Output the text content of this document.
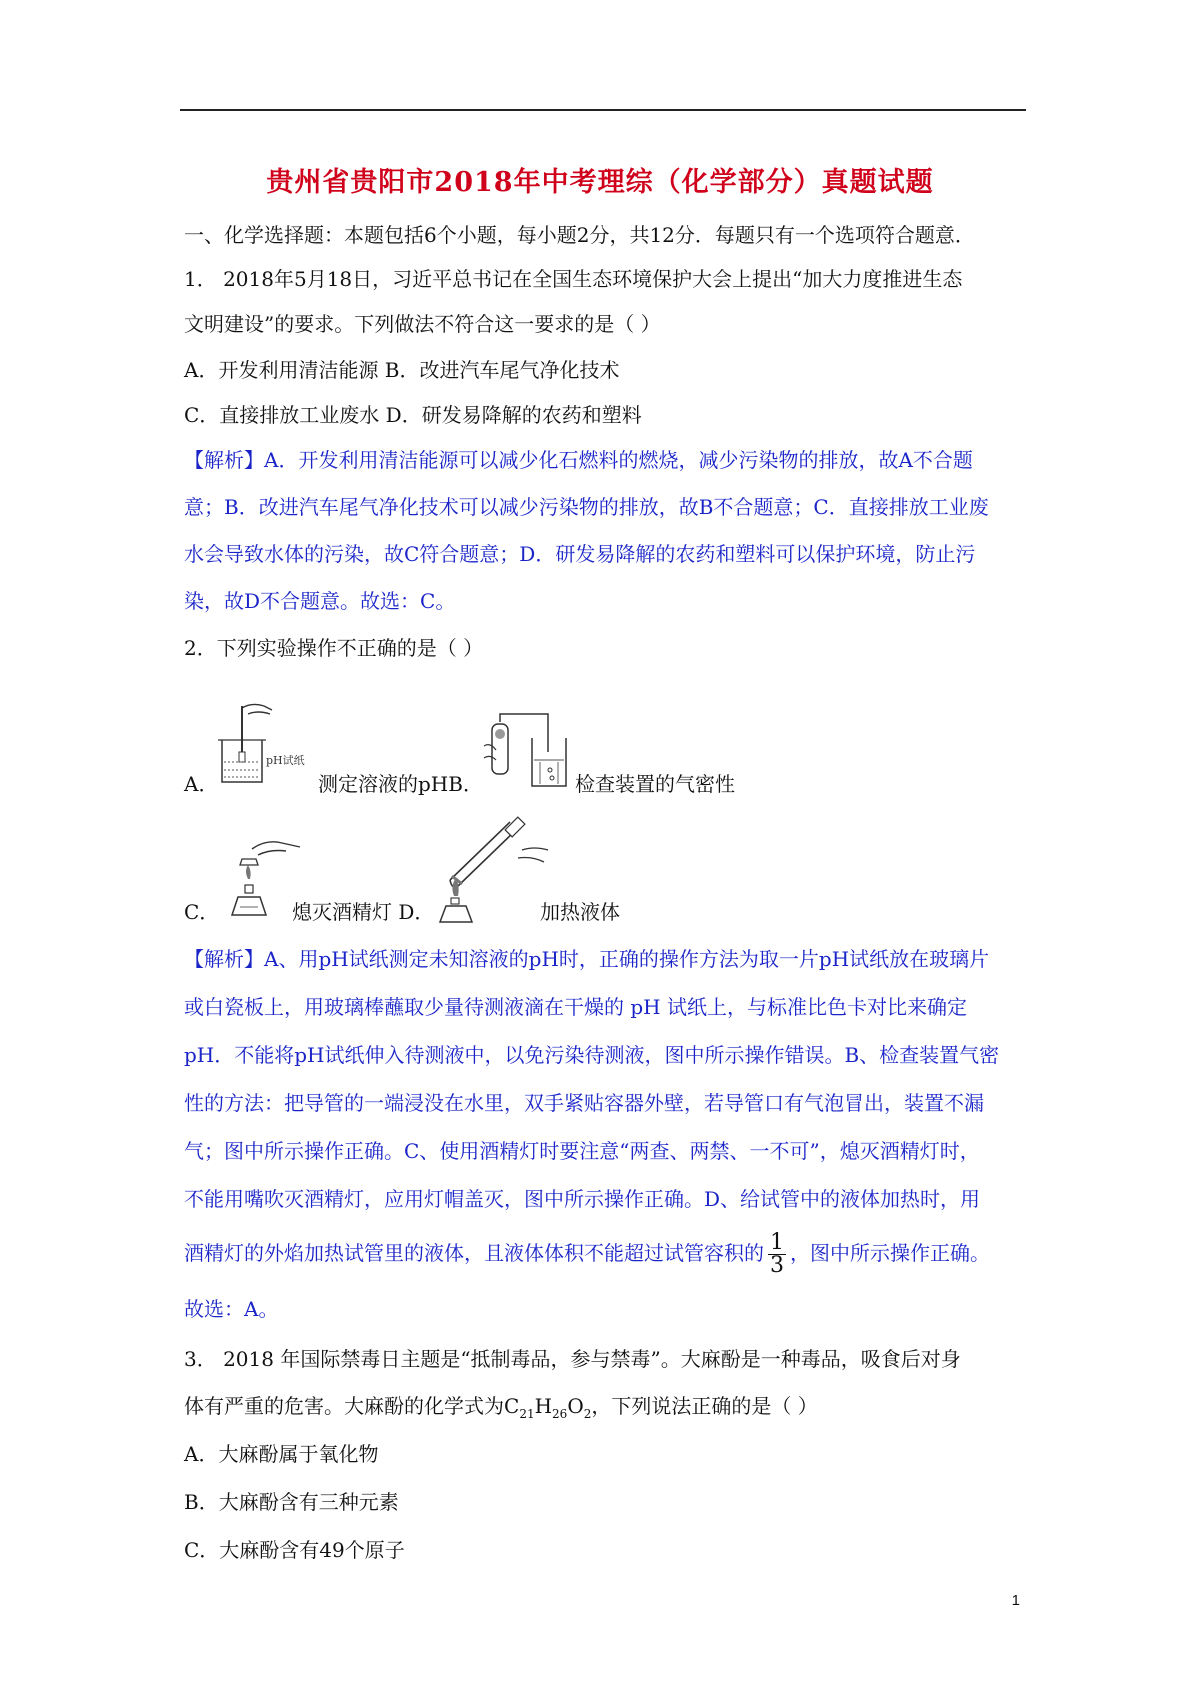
贵州省贵阳市2018年中考理综（化学部分）真题试题
一、化学选择题：本题包括6个小题，每小题2分，共12分．每题只有一个选项符合题意．
1． 2018年5月18日，习近平总书记在全国生态环境保护大会上提出“加大力度推进生态
文明建设”的要求。下列做法不符合这一要求的是（ ）
A．开发利用清洁能源 B．改进汽车尾气净化技术
C．直接排放工业废水 D．研发易降解的农药和塑料
【解析】A．开发利用清洁能源可以减少化石燃料的燃烧，减少污染物的排放，故A不合题
意；B．改进汽车尾气净化技术可以减少污染物的排放，故B不合题意；C．直接排放工业废
水会导致水体的污染，故C符合题意；D．研发易降解的农药和塑料可以保护环境，防止污
染，故D不合题意。故选：C。
2．下列实验操作不正确的是（ ）
A．
pH试纸
测定溶液的pHB．	检查装置的气密性
C．	熄灭酒精灯 D．	加热液体
【解析】A、用pH试纸测定未知溶液的pH时，正确的操作方法为取一片pH试纸放在玻璃片
或白瓷板上，用玻璃棒蘸取少量待测液滴在干燥的 pH 试纸上，与标准比色卡对比来确定
pH．不能将pH试纸伸入待测液中，以免污染待测液，图中所示操作错误。B、检查装置气密
性的方法：把导管的一端浸没在水里，双手紧贴容器外壁，若导管口有气泡冒出，装置不漏
气；图中所示操作正确。C、使用酒精灯时要注意“两查、两禁、一不可”，熄灭酒精灯时，
不能用嘴吹灭酒精灯，应用灯帽盖灭，图中所示操作正确。D、给试管中的液体加热时，用
酒精灯的外焰加热试管里的液体，且液体体积不能超过试管容积的 $\frac{1}{3}$ ，图中所示操作正确。
故选：A。
3． 2018 年国际禁毒日主题是“抵制毒品，参与禁毒”。大麻酚是一种毒品，吸食后对身
体有严重的危害。大麻酚的化学式为$C_{21}H_{26}O_2$，下列说法正确的是（ ）
A．大麻酚属于氧化物
B．大麻酚含有三种元素
C．大麻酚含有49个原子
1
